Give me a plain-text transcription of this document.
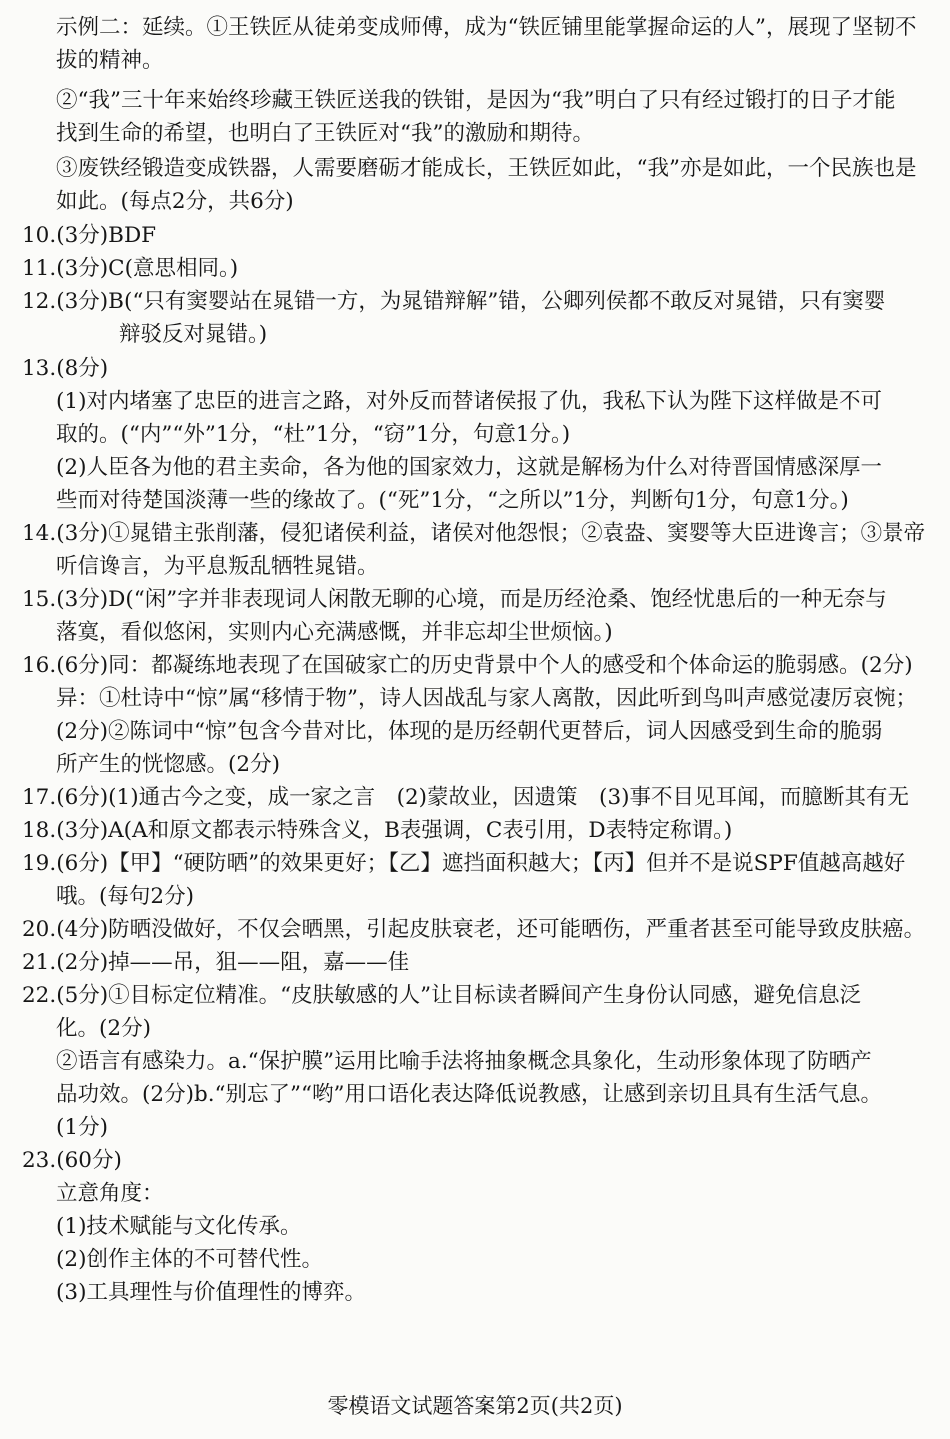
示例二：延续。①王铁匠从徒弟变成师傅，成为“铁匠铺里能掌握命运的人”，展现了坚韧不
拔的精神。
②“我”三十年来始终珍藏王铁匠送我的铁钳，是因为“我”明白了只有经过锻打的日子才能
找到生命的希望，也明白了王铁匠对“我”的激励和期待。
③废铁经锻造变成铁器，人需要磨砺才能成长，王铁匠如此，“我”亦是如此，一个民族也是
如此。(每点2分，共6分)
10.(3分)BDF
11.(3分)C(意思相同。)
12.(3分)B(“只有窦婴站在晁错一方，为晁错辩解”错，公卿列侯都不敢反对晁错，只有窦婴
辩驳反对晁错。)
13.(8分)
(1)对内堵塞了忠臣的进言之路，对外反而替诸侯报了仇，我私下认为陛下这样做是不可
取的。(“内”“外”1分，“杜”1分，“窃”1分，句意1分。)
(2)人臣各为他的君主卖命，各为他的国家效力，这就是解杨为什么对待晋国情感深厚一
些而对待楚国淡薄一些的缘故了。(“死”1分，“之所以”1分，判断句1分，句意1分。)
14.(3分)①晁错主张削藩，侵犯诸侯利益，诸侯对他怨恨；②袁盎、窦婴等大臣进谗言；③景帝
听信谗言，为平息叛乱牺牲晁错。
15.(3分)D(“闲”字并非表现词人闲散无聊的心境，而是历经沧桑、饱经忧患后的一种无奈与
落寞，看似悠闲，实则内心充满感慨，并非忘却尘世烦恼。)
16.(6分)同：都凝练地表现了在国破家亡的历史背景中个人的感受和个体命运的脆弱感。(2分)
异：①杜诗中“惊”属“移情于物”，诗人因战乱与家人离散，因此听到鸟叫声感觉凄厉哀惋；
(2分)②陈词中“惊”包含今昔对比，体现的是历经朝代更替后，词人因感受到生命的脆弱
所产生的恍惚感。(2分)
17.(6分)(1)通古今之变，成一家之言　(2)蒙故业，因遗策　(3)事不目见耳闻，而臆断其有无
18.(3分)A(A和原文都表示特殊含义，B表强调，C表引用，D表特定称谓。)
19.(6分)【甲】“硬防晒”的效果更好；【乙】遮挡面积越大；【丙】但并不是说SPF值越高越好
哦。(每句2分)
20.(4分)防晒没做好，不仅会晒黑，引起皮肤衰老，还可能晒伤，严重者甚至可能导致皮肤癌。
21.(2分)掉——吊，狙——阻，嘉——佳
22.(5分)①目标定位精准。“皮肤敏感的人”让目标读者瞬间产生身份认同感，避免信息泛
化。(2分)
②语言有感染力。a.“保护膜”运用比喻手法将抽象概念具象化，生动形象体现了防晒产
品功效。(2分)b.“别忘了”“哟”用口语化表达降低说教感，让感到亲切且具有生活气息。
(1分)
23.(60分)
立意角度：
(1)技术赋能与文化传承。
(2)创作主体的不可替代性。
(3)工具理性与价值理性的博弈。
零模语文试题答案第2页(共2页)
